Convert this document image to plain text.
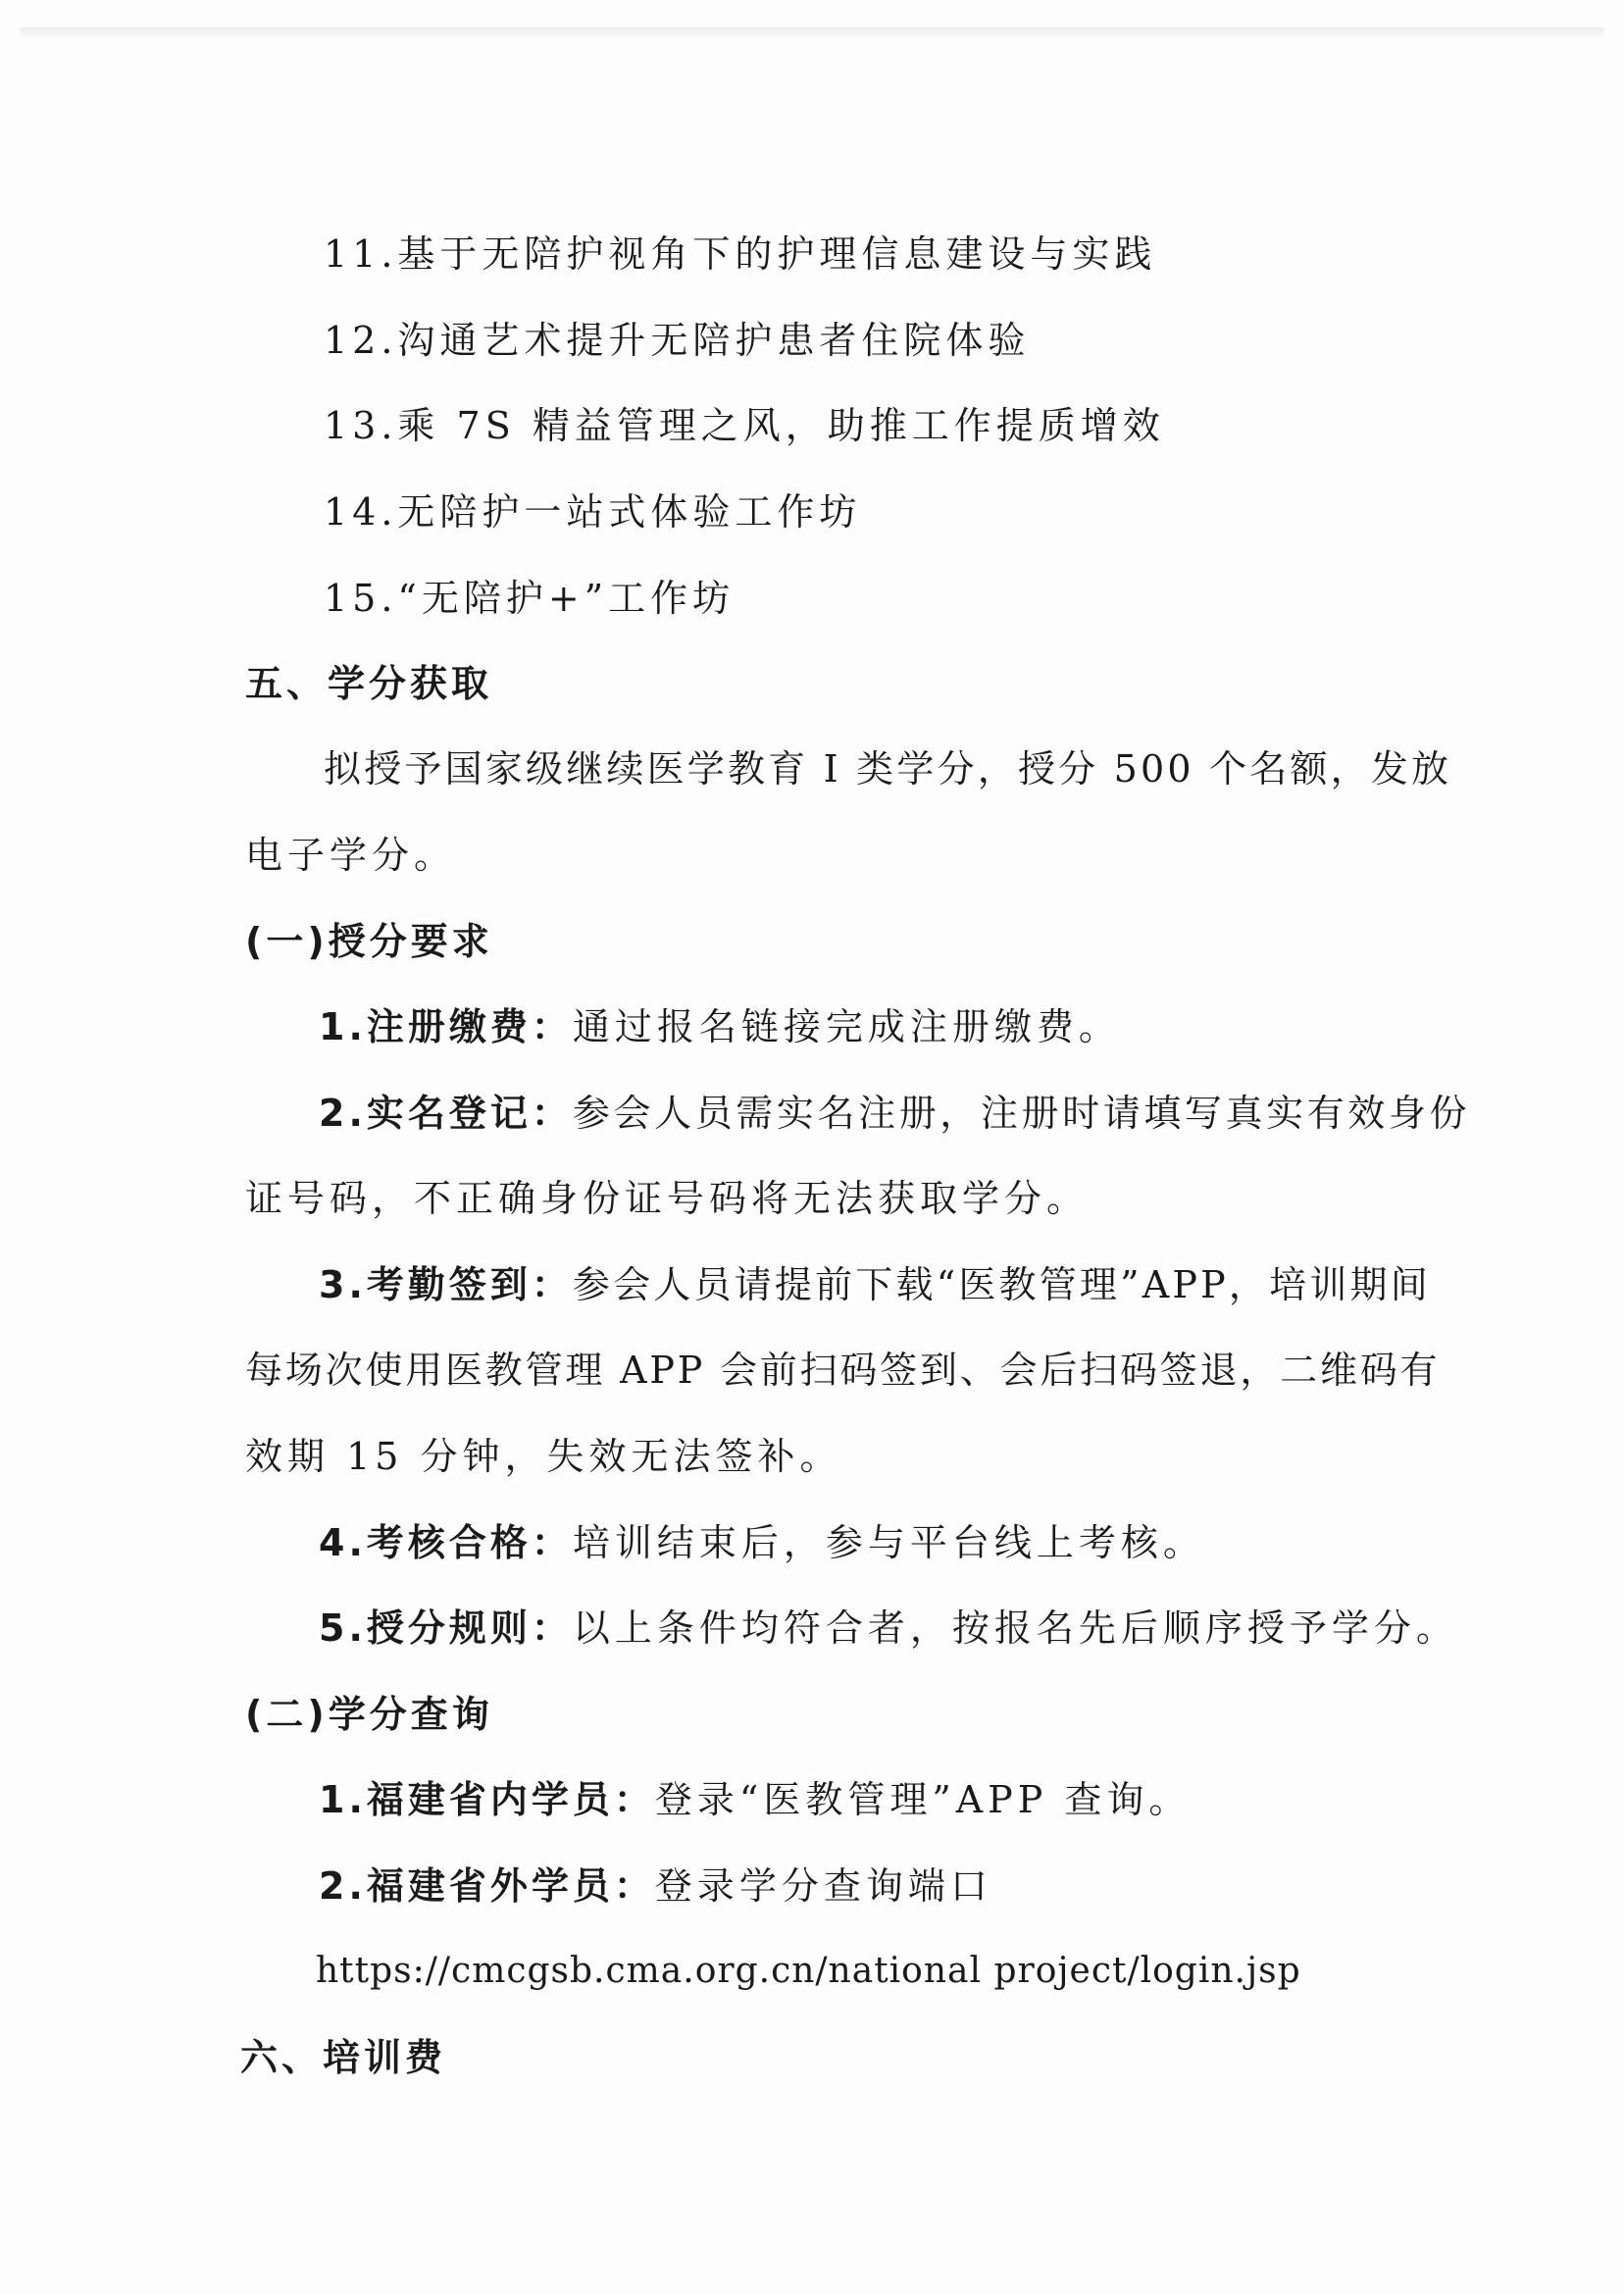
11.基于无陪护视角下的护理信息建设与实践
12.沟通艺术提升无陪护患者住院体验
13.乘 7S 精益管理之风，助推工作提质增效
14.无陪护一站式体验工作坊
15.“无陪护+”工作坊
五、学分获取
拟授予国家级继续医学教育 I 类学分，授分 500 个名额，发放
电子学分。
(一)授分要求
1.注册缴费：通过报名链接完成注册缴费。
2.实名登记：参会人员需实名注册，注册时请填写真实有效身份
证号码，不正确身份证号码将无法获取学分。
3.考勤签到：参会人员请提前下载“医教管理”APP，培训期间
每场次使用医教管理 APP 会前扫码签到、会后扫码签退，二维码有
效期 15 分钟，失效无法签补。
4.考核合格：培训结束后，参与平台线上考核。
5.授分规则：以上条件均符合者，按报名先后顺序授予学分。
(二)学分查询
1.福建省内学员：登录“医教管理”APP 查询。
2.福建省外学员：登录学分查询端口
https://cmcgsb.cma.org.cn/national project/login.jsp
六、培训费
